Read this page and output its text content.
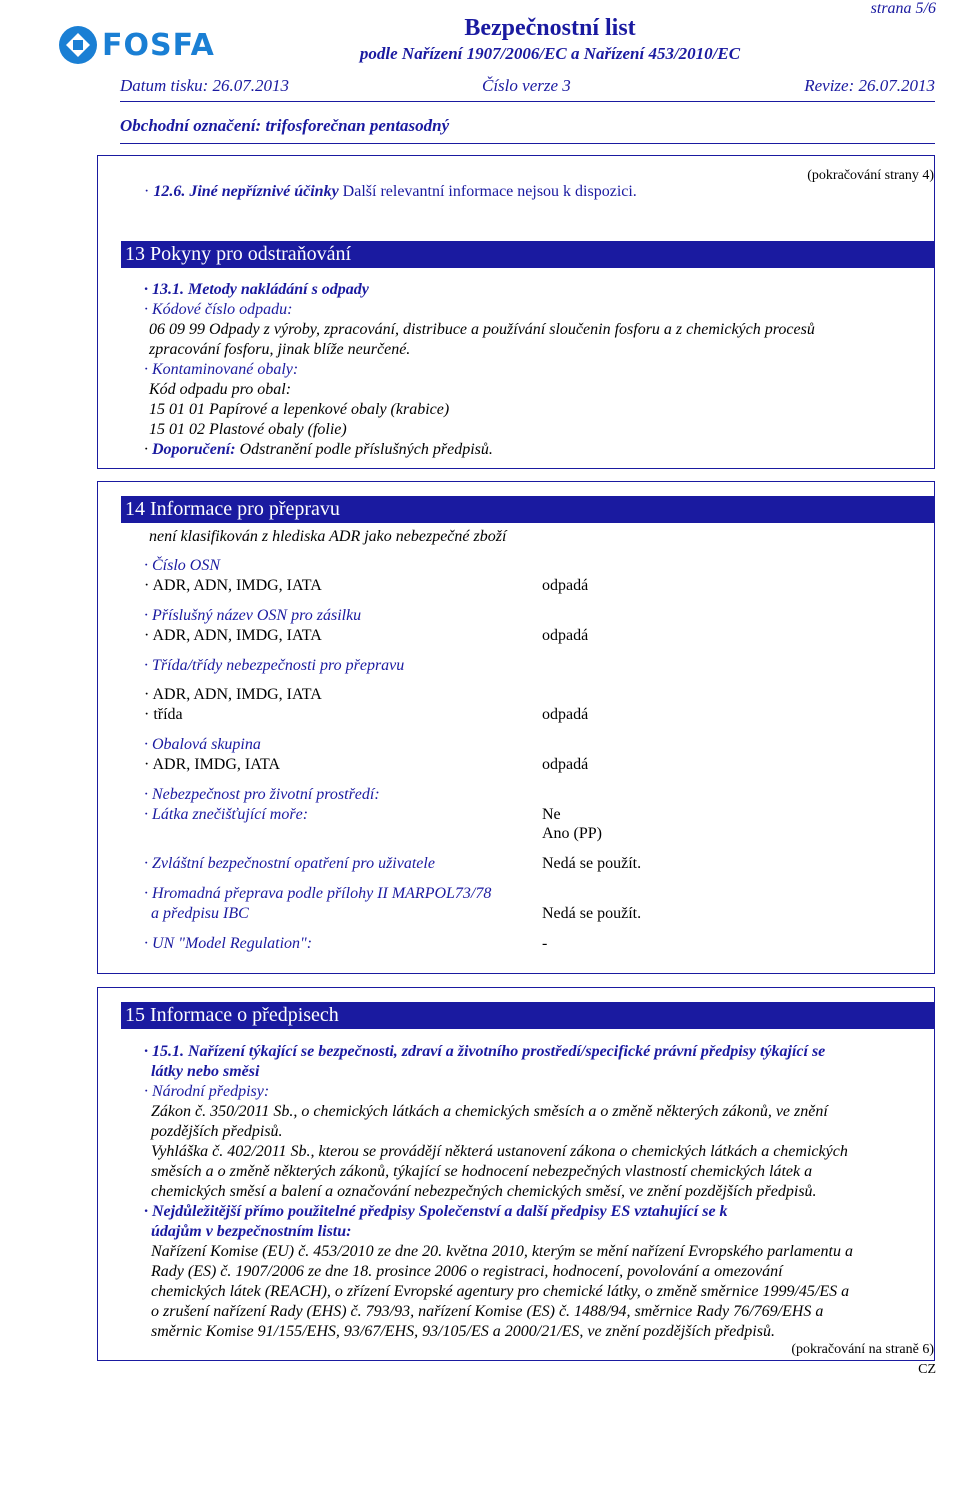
strana 5/6
FOSFA	Bezpečnostní list
podle Nařízení 1907/2006/EC a Nařízení 453/2010/EC
Datum tisku: 26.07.2013	Číslo verze 3	Revize: 26.07.2013
Obchodní označení: trifosforečnan pentasodný
(pokračování strany 4)
· 12.6. Jiné nepříznivé účinky Další relevantní informace nejsou k dispozici.
13 Pokyny pro odstraňování
· 13.1. Metody nakládání s odpady
· Kódové číslo odpadu:
06 09 99 Odpady z výroby, zpracování, distribuce a používání sloučenin fosforu a z chemických procesů
zpracování fosforu, jinak blíže neurčené.
· Kontaminované obaly:
Kód odpadu pro obal:
15 01 01 Papírové a lepenkové obaly (krabice)
15 01 02 Plastové obaly (folie)
· Doporučení: Odstranění podle příslušných předpisů.
14 Informace pro přepravu
není klasifikován z hlediska ADR jako nebezpečné zboží
· Číslo OSN
· ADR, ADN, IMDG, IATA	odpadá
· Příslušný název OSN pro zásilku
· ADR, ADN, IMDG, IATA	odpadá
· Třída/třídy nebezpečnosti pro přepravu
· ADR, ADN, IMDG, IATA
· třída	odpadá
· Obalová skupina
· ADR, IMDG, IATA	odpadá
· Nebezpečnost pro životní prostředí:
· Látka znečišťující moře:	Ne
Ano (PP)
· Zvláštní bezpečnostní opatření pro uživatele	Nedá se použít.
· Hromadná přeprava podle přílohy II MARPOL73/78
a předpisu IBC	Nedá se použít.
· UN "Model Regulation":	-
15 Informace o předpisech
· 15.1. Nařízení týkající se bezpečnosti, zdraví a životního prostředí/specifické právní předpisy týkající se
látky nebo směsi
· Národní předpisy:
Zákon č. 350/2011 Sb., o chemických látkách a chemických směsích a o změně některých zákonů, ve znění
pozdějších předpisů.
Vyhláška č. 402/2011 Sb., kterou se provádějí některá ustanovení zákona o chemických látkách a chemických
směsích a o změně některých zákonů, týkající se hodnocení nebezpečných vlastností chemických látek a
chemických směsí a balení a označování nebezpečných chemických směsí, ve znění pozdějších předpisů.
· Nejdůležitější přímo použitelné předpisy Společenství a další předpisy ES vztahující se k
údajům v bezpečnostním listu:
Nařízení Komise (EU) č. 453/2010 ze dne 20. května 2010, kterým se mění nařízení Evropského parlamentu a
Rady (ES) č. 1907/2006 ze dne 18. prosince 2006 o registraci, hodnocení, povolování a omezování
chemických látek (REACH), o zřízení Evropské agentury pro chemické látky, o změně směrnice 1999/45/ES a
o zrušení nařízení Rady (EHS) č. 793/93, nařízení Komise (ES) č. 1488/94, směrnice Rady 76/769/EHS a
směrnic Komise 91/155/EHS, 93/67/EHS, 93/105/ES a 2000/21/ES, ve znění pozdějších předpisů.
(pokračování na straně 6)
CZ
